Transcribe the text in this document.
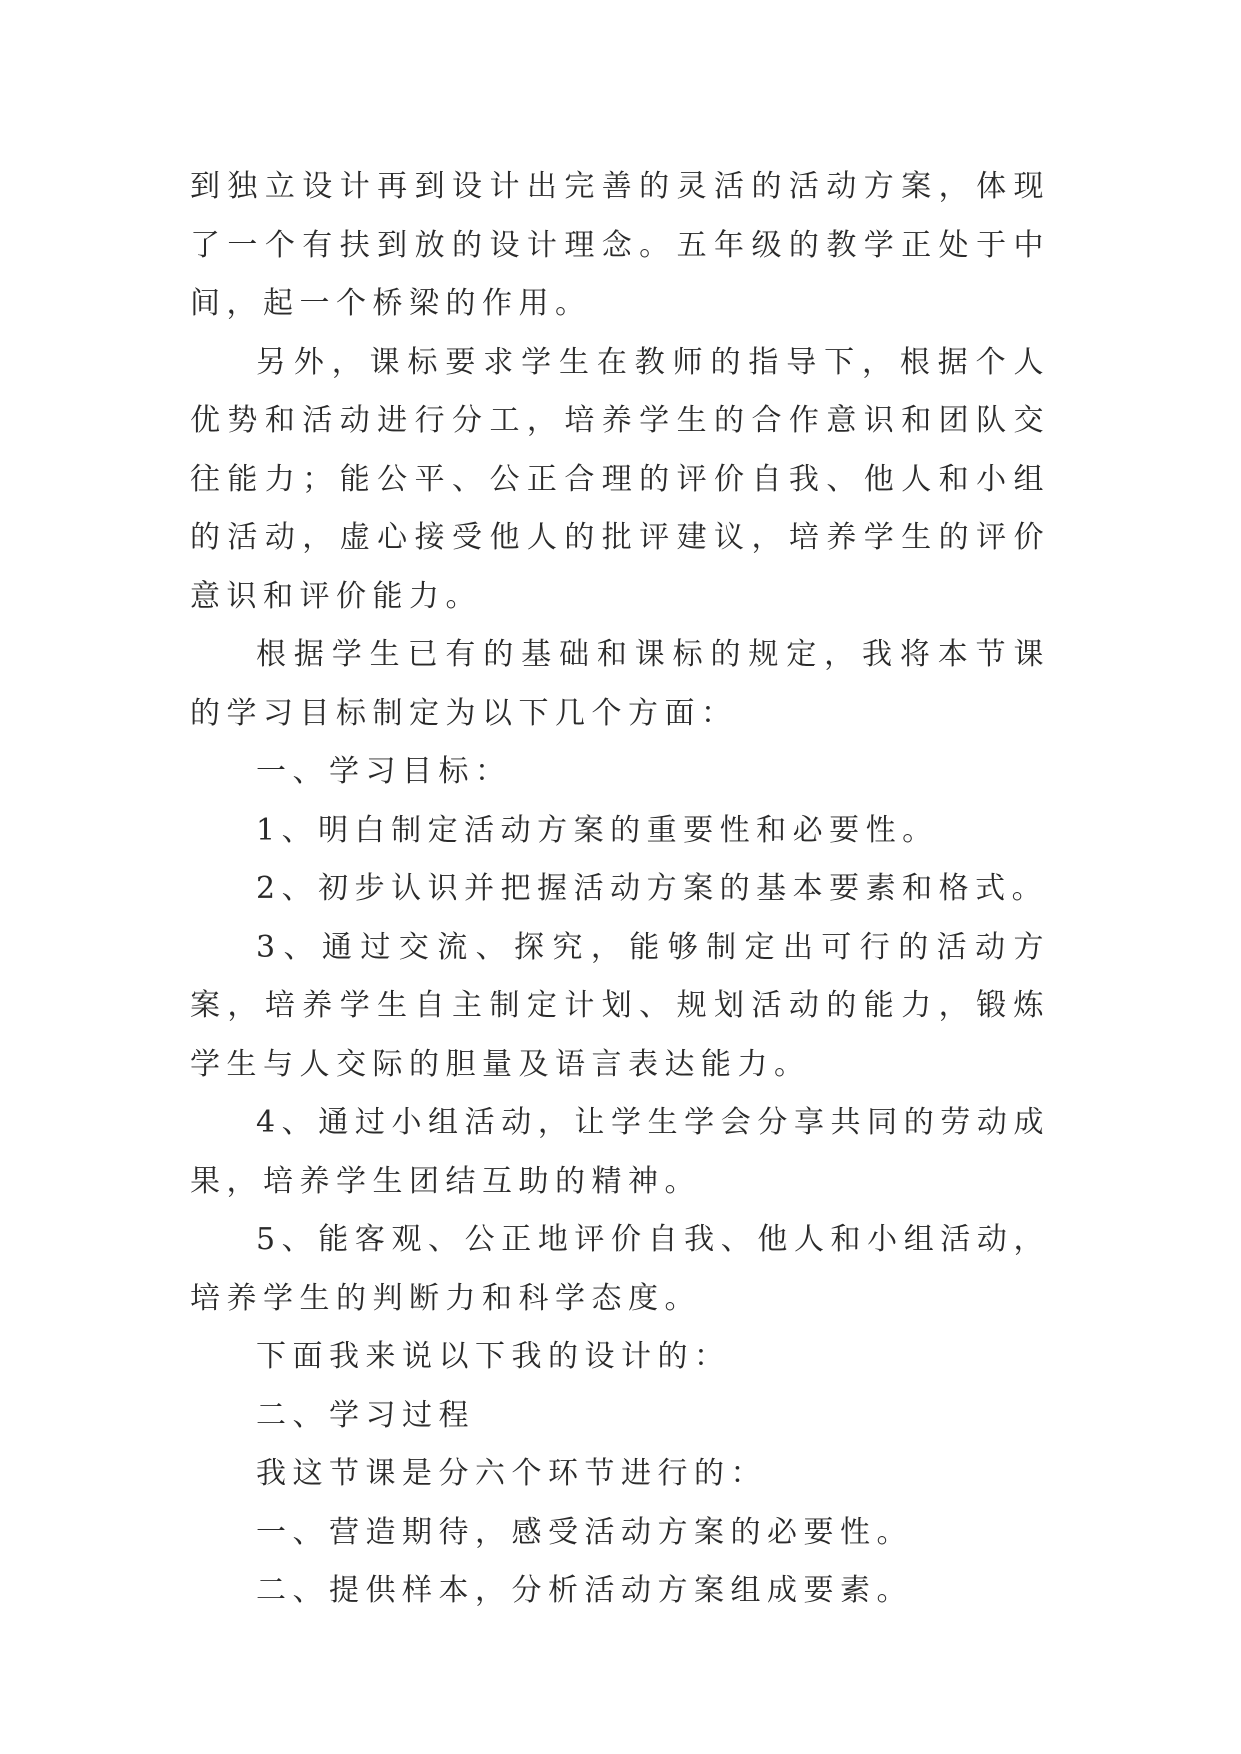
到独立设计再到设计出完善的灵活的活动方案，体现了一个有扶到放的设计理念。五年级的教学正处于中间，起一个桥梁的作用。

另外，课标要求学生在教师的指导下，根据个人优势和活动进行分工，培养学生的合作意识和团队交往能力；能公平、公正合理的评价自我、他人和小组的活动，虚心接受他人的批评建议，培养学生的评价意识和评价能力。

根据学生已有的基础和课标的规定，我将本节课的学习目标制定为以下几个方面：

一、学习目标：

1、明白制定活动方案的重要性和必要性。

2、初步认识并把握活动方案的基本要素和格式。

3、通过交流、探究，能够制定出可行的活动方案，培养学生自主制定计划、规划活动的能力，锻炼学生与人交际的胆量及语言表达能力。

4、通过小组活动，让学生学会分享共同的劳动成果，培养学生团结互助的精神。

5、能客观、公正地评价自我、他人和小组活动，培养学生的判断力和科学态度。

下面我来说以下我的设计的：

二、学习过程

我这节课是分六个环节进行的：

一、营造期待，感受活动方案的必要性。

二、提供样本，分析活动方案组成要素。
